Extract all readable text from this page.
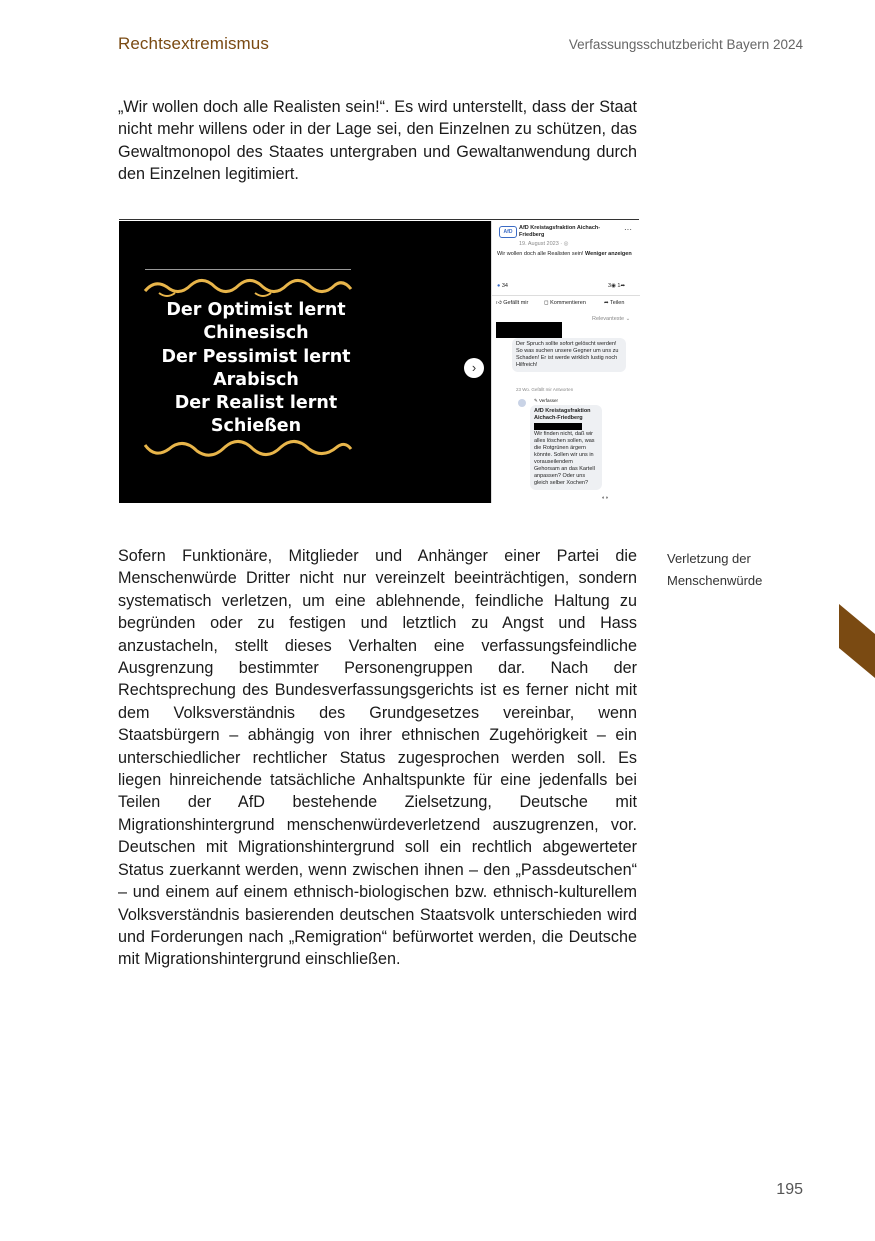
Rechtsextremismus	Verfassungsschutzbericht Bayern 2024

„Wir wollen doch alle Realisten sein!“. Es wird unterstellt, dass der Staat nicht mehr willens oder in der Lage sei, den Einzelnen zu schützen, das Gewaltmonopol des Staates untergraben und Gewaltanwendung durch den Einzelnen legitimiert.

Der Optimist lernt
Chinesisch
Der Pessimist lernt
Arabisch
Der Realist lernt
Schießen
›
AfD
AfD Kreistagsfraktion Aichach-Friedberg
19. August 2023 · ◎
···
Wir wollen doch alle Realisten sein! Weniger anzeigen
● 34	3◉ 1➦
👍︎ Gefällt mir	◻ Kommentieren	➦ Teilen
Relevanteste ⌄
Der Spruch sollte sofort gelöscht werden! So was suchen unsere Gegner um uns zu Schaden! Er ist werde wirklich lustig noch Hilfreich!
23 Wo. Gefällt mir Antworten
✎ Verfasser
AfD Kreistagsfraktion Aichach-Friedberg
Wir finden nicht, daß wir alles löschen sollen, was die Rotgrünen ärgern könnte. Sollen wir uns in vorauseilendem Gehorsam an das Kartell anpassen? Oder uns gleich selber Xochen?
◐◑

Sofern Funktionäre, Mitglieder und Anhänger einer Partei die Menschenwürde Dritter nicht nur vereinzelt beeinträchtigen, sondern systematisch verletzen, um eine ablehnende, feindliche Haltung zu begründen oder zu festigen und letztlich zu Angst und Hass anzustacheln, stellt dieses Verhalten eine verfassungsfeindliche Ausgrenzung bestimmter Personengruppen dar. Nach der Rechtsprechung des Bundesverfassungsgerichts ist es ferner nicht mit dem Volksverständnis des Grundgesetzes vereinbar, wenn Staatsbürgern – abhängig von ihrer ethnischen Zugehörigkeit – ein unterschiedlicher rechtlicher Status zugesprochen werden soll. Es liegen hinreichende tatsächliche Anhaltspunkte für eine jedenfalls bei Teilen der AfD bestehende Zielsetzung, Deutsche mit Migrationshintergrund menschenwürdeverletzend auszugrenzen, vor. Deutschen mit Migrationshintergrund soll ein rechtlich abgewerteter Status zuerkannt werden, wenn zwischen ihnen – den „Passdeutschen“ – und einem auf einem ethnisch-biologischen bzw. ethnisch-kulturellem Volksverständnis basierenden deutschen Staatsvolk unterschieden wird und Forderungen nach „Remigration“ befürwortet werden, die Deutsche mit Migrationshintergrund einschließen.

Verletzung der Menschenwürde
195
